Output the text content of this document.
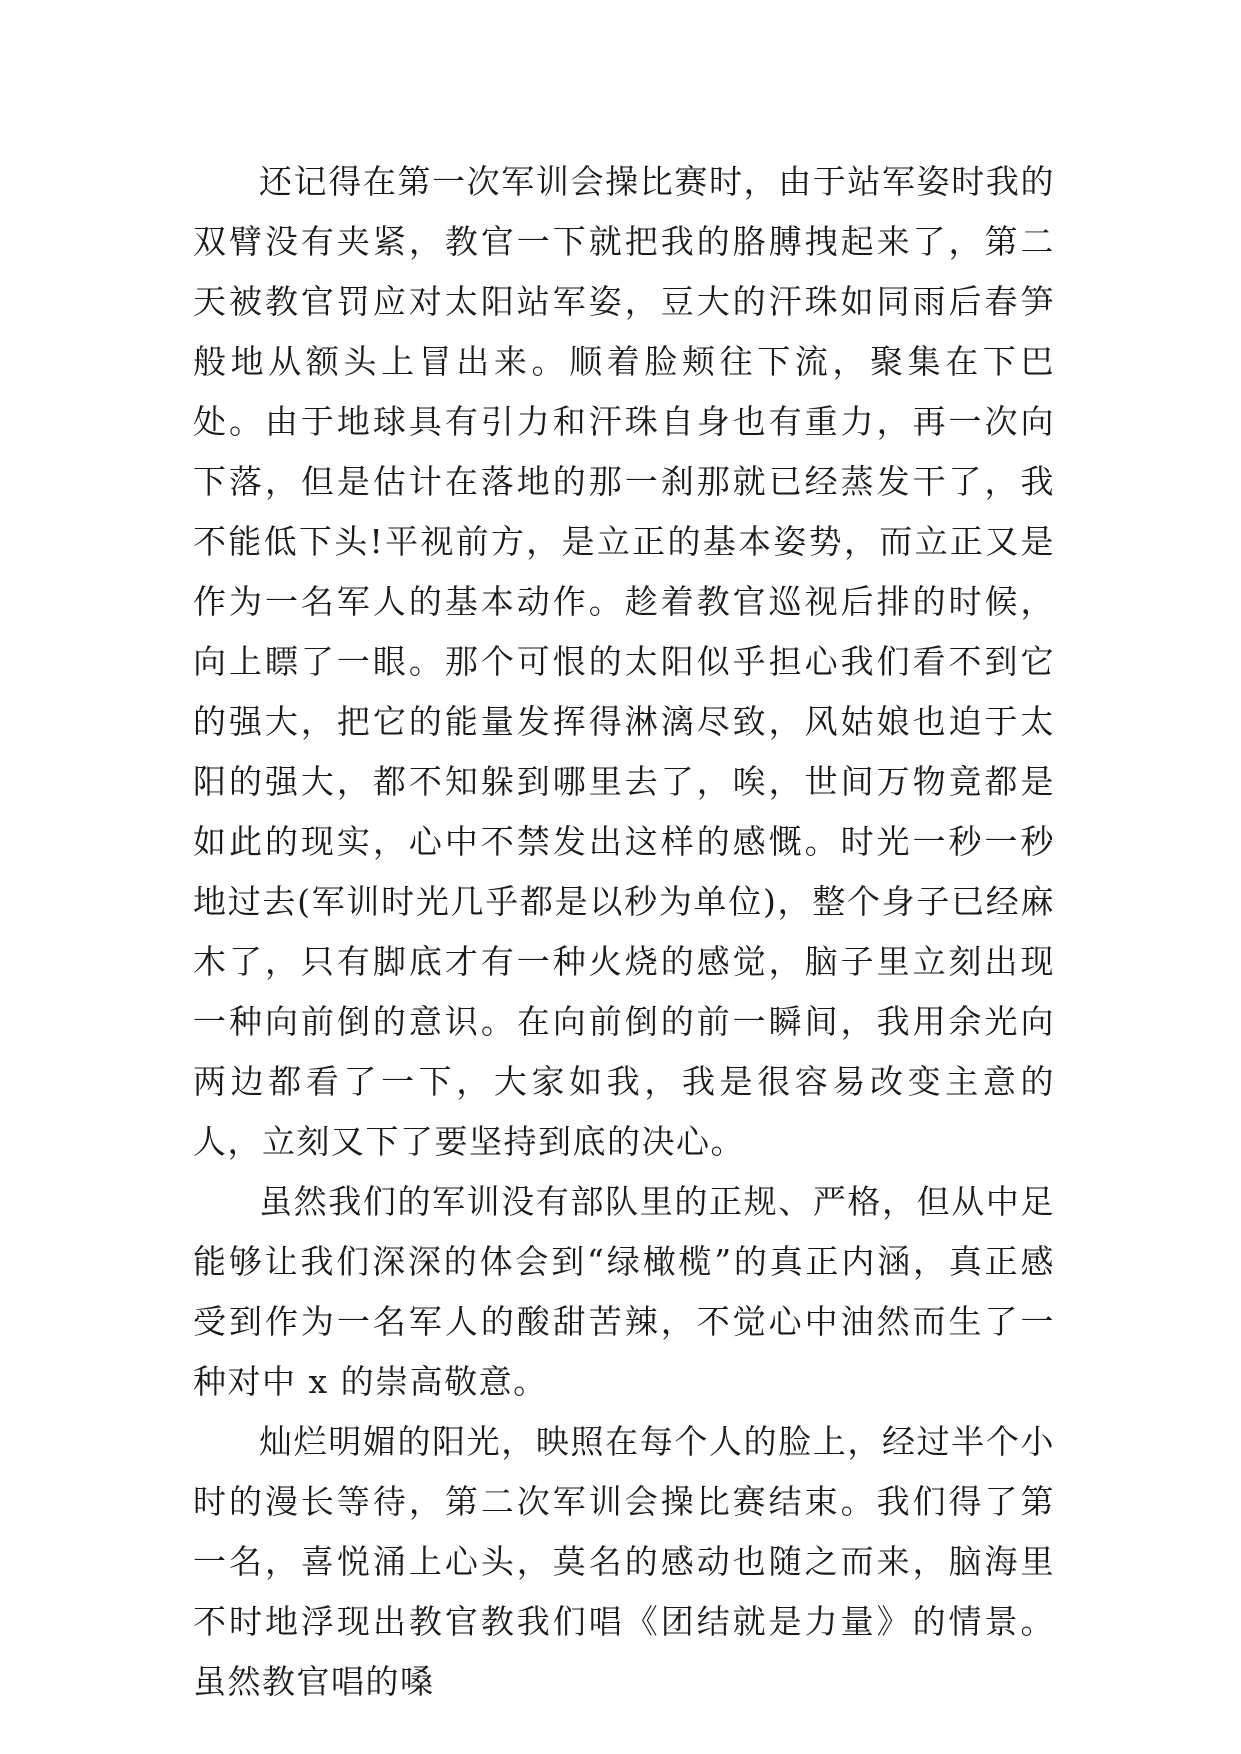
还记得在第一次军训会操比赛时，由于站军姿时我的双臂没有夹紧，教官一下就把我的胳膊拽起来了，第二天被教官罚应对太阳站军姿，豆大的汗珠如同雨后春笋般地从额头上冒出来。顺着脸颊往下流，聚集在下巴处。由于地球具有引力和汗珠自身也有重力，再一次向下落，但是估计在落地的那一刹那就已经蒸发干了，我不能低下头!平视前方，是立正的基本姿势，而立正又是作为一名军人的基本动作。趁着教官巡视后排的时候，向上瞟了一眼。那个可恨的太阳似乎担心我们看不到它的强大，把它的能量发挥得淋漓尽致，风姑娘也迫于太阳的强大，都不知躲到哪里去了，唉，世间万物竟都是如此的现实，心中不禁发出这样的感慨。时光一秒一秒地过去(军训时光几乎都是以秒为单位)，整个身子已经麻木了，只有脚底才有一种火烧的感觉，脑子里立刻出现一种向前倒的意识。在向前倒的前一瞬间，我用余光向两边都看了一下，大家如我，我是很容易改变主意的人，立刻又下了要坚持到底的决心。

虽然我们的军训没有部队里的正规、严格，但从中足能够让我们深深的体会到“绿橄榄”的真正内涵，真正感受到作为一名军人的酸甜苦辣，不觉心中油然而生了一种对中 x 的崇高敬意。

灿烂明媚的阳光，映照在每个人的脸上，经过半个小时的漫长等待，第二次军训会操比赛结束。我们得了第一名，喜悦涌上心头，莫名的感动也随之而来，脑海里不时地浮现出教官教我们唱《团结就是力量》的情景。虽然教官唱的嗓
